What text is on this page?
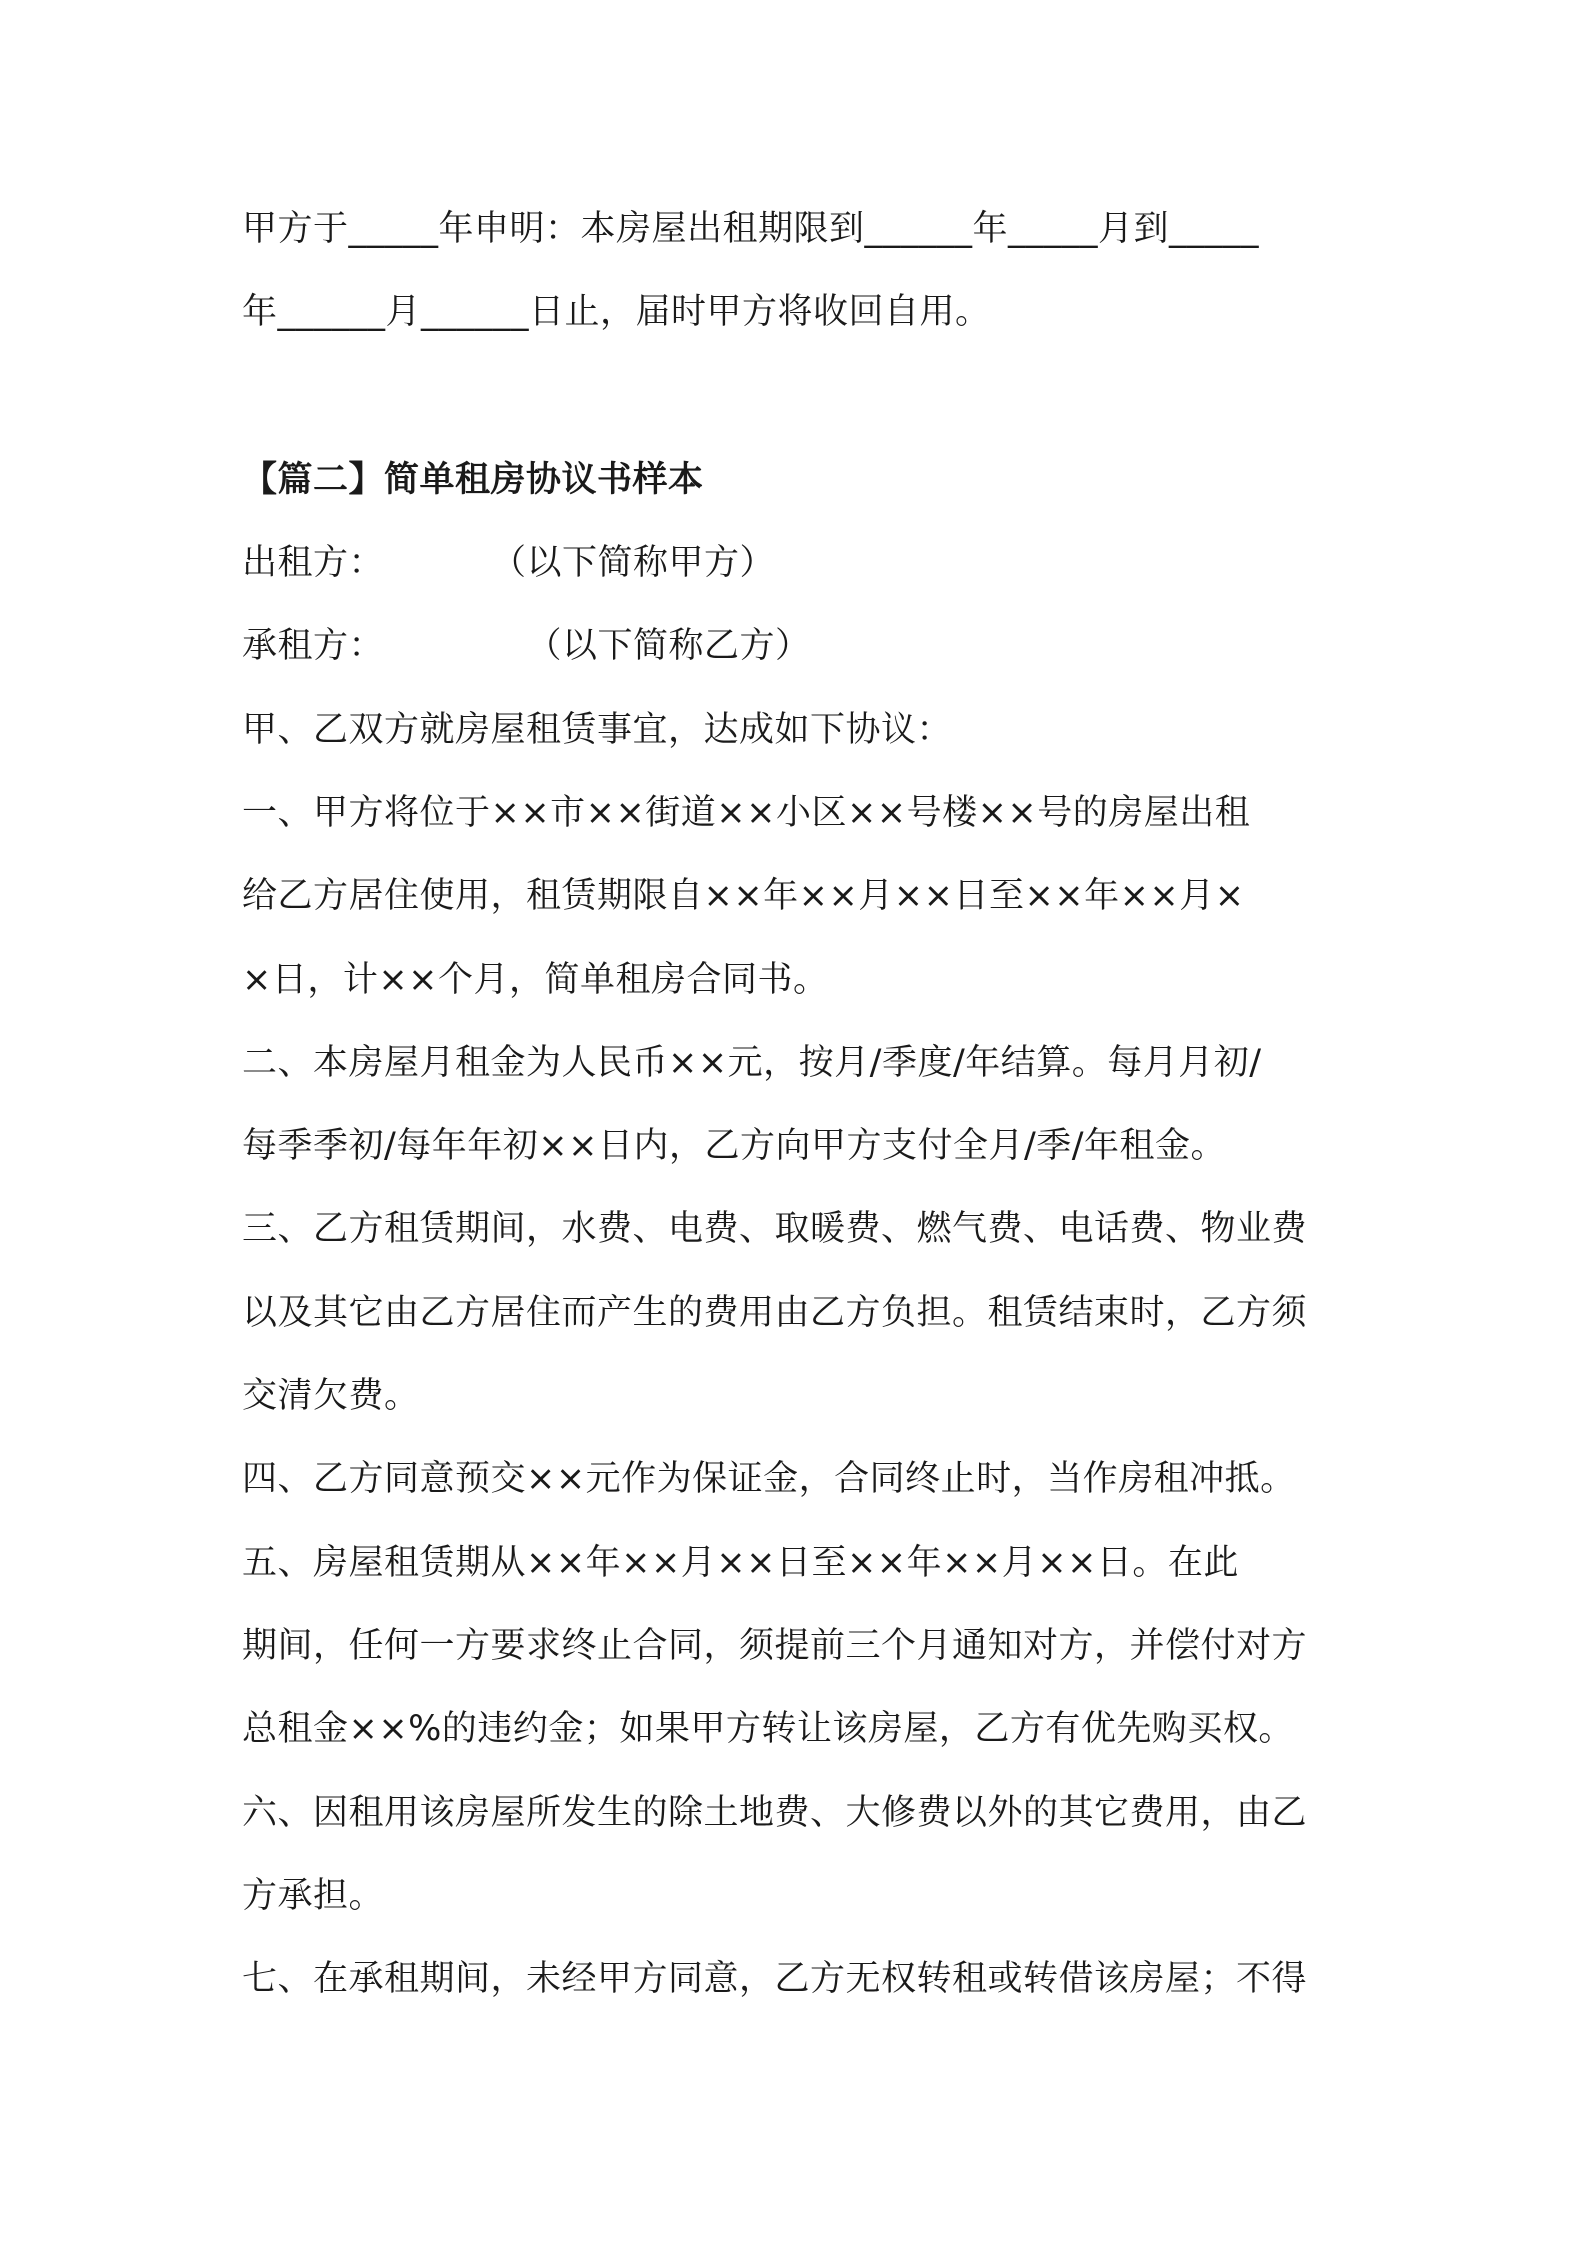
甲方于_____年申明：本房屋出租期限到______年_____月到_____
年______月______日止，届时甲方将收回自用。
【篇二】简单租房协议书样本
出租方：　　　　（以下简称甲方）
承租方：　　　　　（以下简称乙方）
甲、乙双方就房屋租赁事宜，达成如下协议：
一、甲方将位于××市××街道××小区××号楼××号的房屋出租
给乙方居住使用，租赁期限自××年××月××日至××年××月×
×日，计××个月，简单租房合同书。
二、本房屋月租金为人民币××元，按月/季度/年结算。每月月初/
每季季初/每年年初××日内，乙方向甲方支付全月/季/年租金。
三、乙方租赁期间，水费、电费、取暖费、燃气费、电话费、物业费
以及其它由乙方居住而产生的费用由乙方负担。租赁结束时，乙方须
交清欠费。
四、乙方同意预交××元作为保证金，合同终止时，当作房租冲抵。
五、房屋租赁期从××年××月××日至××年××月××日。在此
期间，任何一方要求终止合同，须提前三个月通知对方，并偿付对方
总租金××%的违约金；如果甲方转让该房屋，乙方有优先购买权。
六、因租用该房屋所发生的除土地费、大修费以外的其它费用，由乙
方承担。
七、在承租期间，未经甲方同意，乙方无权转租或转借该房屋；不得
